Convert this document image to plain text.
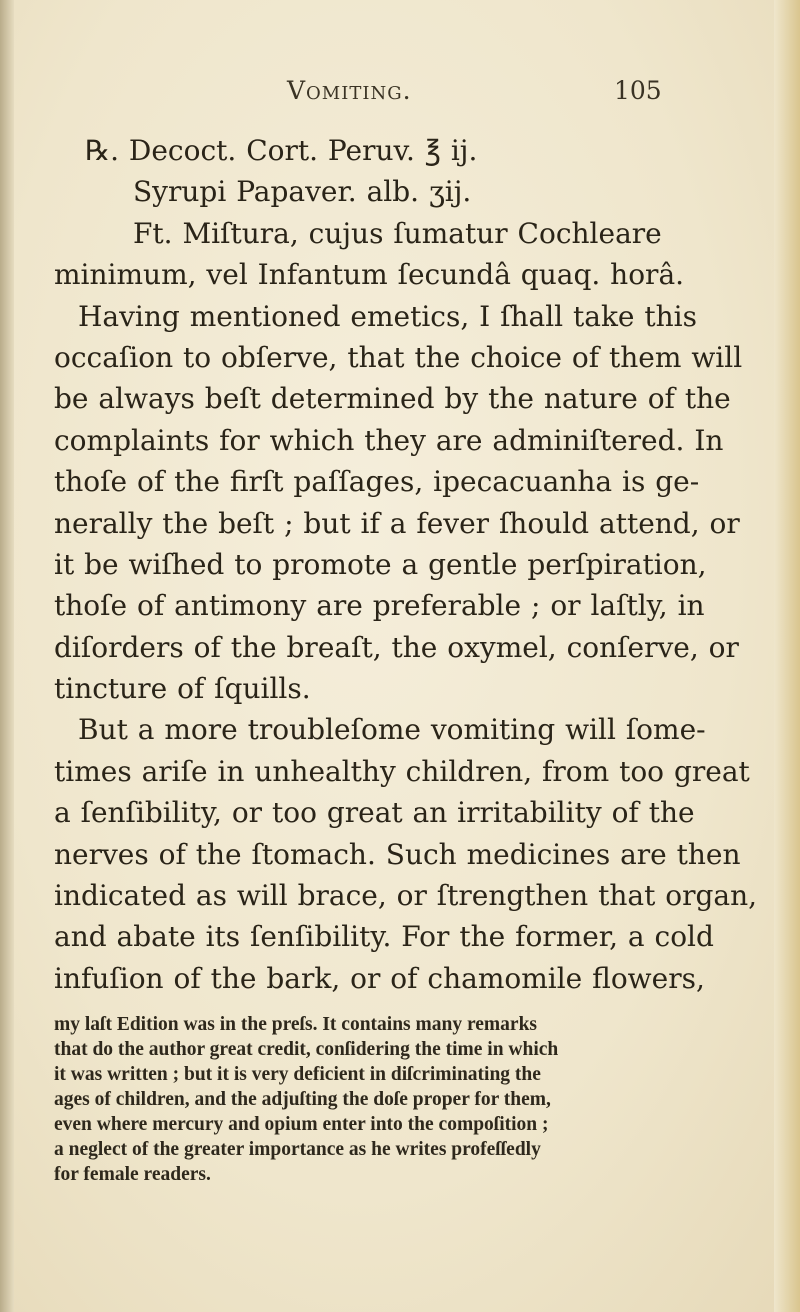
Vomiting.	105
℞. Decoct. Cort. Peruv. ℥ ij.
Syrupi Papaver. alb. ʒij.
Ft. Miſtura, cujus ſumatur Cochleare
minimum, vel Infantum ſecundâ quaq. horâ.
Having mentioned emetics, I ſhall take this
occaſion to obſerve, that the choice of them will
be always beſt determined by the nature of the
complaints for which they are adminiſtered. In
thoſe of the firſt paſſages, ipecacuanha is ge-
nerally the beſt ; but if a fever ſhould attend, or
it be wiſhed to promote a gentle perſpiration,
thoſe of antimony are preferable ; or laſtly, in
diſorders of the breaſt, the oxymel, conſerve, or
tincture of ſquills.
But a more troubleſome vomiting will ſome-
times ariſe in unhealthy children, from too great
a ſenſibility, or too great an irritability of the
nerves of the ſtomach. Such medicines are then
indicated as will brace, or ſtrengthen that organ,
and abate its ſenſibility. For the former, a cold
infuſion of the bark, or of chamomile flowers,
my laſt Edition was in the preſs. It contains many remarks
that do the author great credit, conſidering the time in which
it was written ; but it is very deficient in diſcriminating the
ages of children, and the adjuſting the doſe proper for them,
even where mercury and opium enter into the compoſition ;
a neglect of the greater importance as he writes profeſſedly
for female readers.
